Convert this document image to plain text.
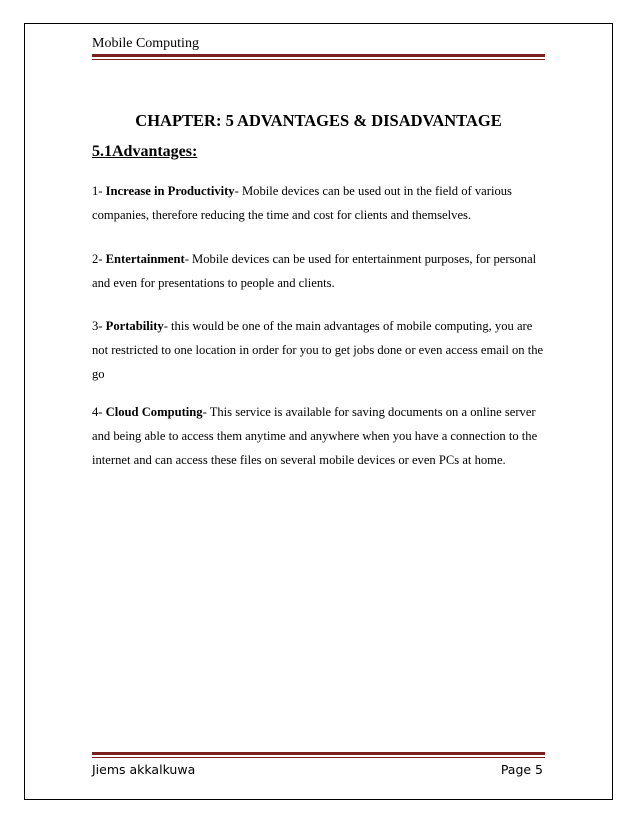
Mobile Computing
CHAPTER: 5 ADVANTAGES & DISADVANTAGE
5.1Advantages:
1- Increase in Productivity- Mobile devices can be used out in the field of various companies, therefore reducing the time and cost for clients and themselves.
2- Entertainment- Mobile devices can be used for entertainment purposes, for personal and even for presentations to people and clients.
3- Portability- this would be one of the main advantages of mobile computing, you are not restricted to one location in order for you to get jobs done or even access email on the go
4- Cloud Computing- This service is available for saving documents on a online server and being able to access them anytime and anywhere when you have a connection to the internet and can access these files on several mobile devices or even PCs at home.
Jiems akkalkuwa	Page 5
